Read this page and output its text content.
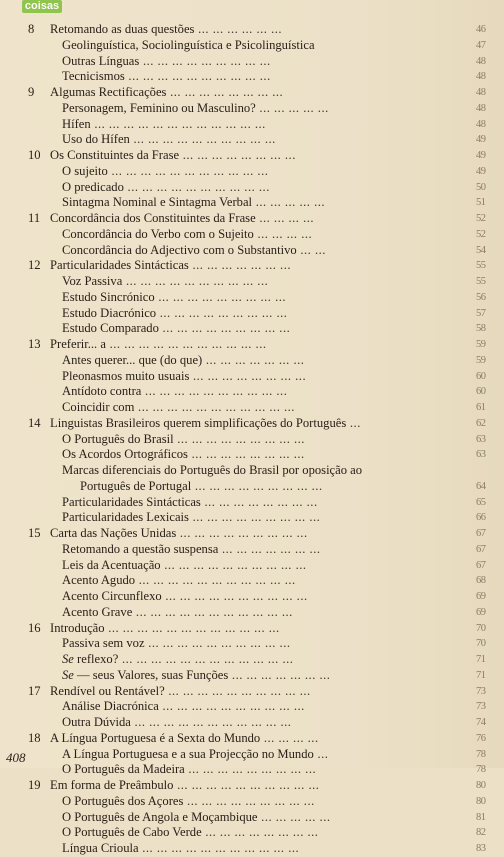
coisas
8	Retomando as duas questões ... ... ... ... ... ...	46
Geolinguística, Sociolinguística e Psicolinguística	47
Outras Línguas ... ... ... ... ... ... ... ... ...	48
Tecnicismos ... ... ... ... ... ... ... ... ... ...	48
9	Algumas Rectificações ... ... ... ... ... ... ... ...	48
Personagem, Feminino ou Masculino? ... ... ... ... ...	48
Hífen ... ... ... ... ... ... ... ... ... ... ... ...	48
Uso do Hífen ... ... ... ... ... ... ... ... ... ...	49
10 Os Constituintes da Frase ... ... ... ... ... ... ... ...	49
O sujeito ... ... ... ... ... ... ... ... ... ... ...	49
O predicado ... ... ... ... ... ... ... ... ... ...	50
Sintagma Nominal e Sintagma Verbal ... ... ... ... ...	51
11 Concordância dos Constituintes da Frase ... ... ... ...	52
Concordância do Verbo com o Sujeito ... ... ... ...	52
Concordância do Adjectivo com o Substantivo ... ...	54
12 Particularidades Sintácticas ... ... ... ... ... ... ...	55
Voz Passiva ... ... ... ... ... ... ... ... ... ...	55
Estudo Sincrónico ... ... ... ... ... ... ... ... ...	56
Estudo Diacrónico ... ... ... ... ... ... ... ... ...	57
Estudo Comparado ... ... ... ... ... ... ... ... ...	58
13 Preferir... a ... ... ... ... ... ... ... ... ... ... ...	59
Antes querer... que (do que) ... ... ... ... ... ... ...	59
Pleonasmos muito usuais ... ... ... ... ... ... ... ...	60
Antídoto contra ... ... ... ... ... ... ... ... ... ...	60
Coincidir com ... ... ... ... ... ... ... ... ... ... ...	61
14 Linguistas Brasileiros querem simplificações do Português ...	62
O Português do Brasil ... ... ... ... ... ... ... ... ...	63
Os Acordos Ortográficos ... ... ... ... ... ... ... ...	63
Marcas diferenciais do Português do Brasil por oposição ao
Português de Portugal ... ... ... ... ... ... ... ... ...	64
Particularidades Sintácticas ... ... ... ... ... ... ... ...	65
Particularidades Lexicais ... ... ... ... ... ... ... ... ...	66
15 Carta das Nações Unidas ... ... ... ... ... ... ... ... ...	67
Retomando a questão suspensa ... ... ... ... ... ... ...	67
Leis da Acentuação ... ... ... ... ... ... ... ... ... ...	67
Acento Agudo ... ... ... ... ... ... ... ... ... ... ...	68
Acento Circunflexo ... ... ... ... ... ... ... ... ... ...	69
Acento Grave ... ... ... ... ... ... ... ... ... ... ...	69
16 Introdução ... ... ... ... ... ... ... ... ... ... ... ...	70
Passiva sem voz ... ... ... ... ... ... ... ... ... ...	70
Se reflexo? ... ... ... ... ... ... ... ... ... ... ... ...	71
Se — seus Valores, suas Funções ... ... ... ... ... ... ...	71
17 Rendível ou Rentável? ... ... ... ... ... ... ... ... ... ...	73
Análise Diacrónica ... ... ... ... ... ... ... ... ... ...	73
Outra Dúvida ... ... ... ... ... ... ... ... ... ... ...	74
18 A Língua Portuguesa é a Sexta do Mundo ... ... ... ...	76
A Língua Portuguesa e a sua Projecção no Mundo ...	78
O Português da Madeira ... ... ... ... ... ... ... ... ...	78
19 Em forma de Preâmbulo ... ... ... ... ... ... ... ... ... ...	80
O Português dos Açores ... ... ... ... ... ... ... ... ...	80
O Português de Angola e Moçambique ... ... ... ... ...	81
O Português de Cabo Verde ... ... ... ... ... ... ... ...	82
Língua Crioula ... ... ... ... ... ... ... ... ... ... ...	83
408
